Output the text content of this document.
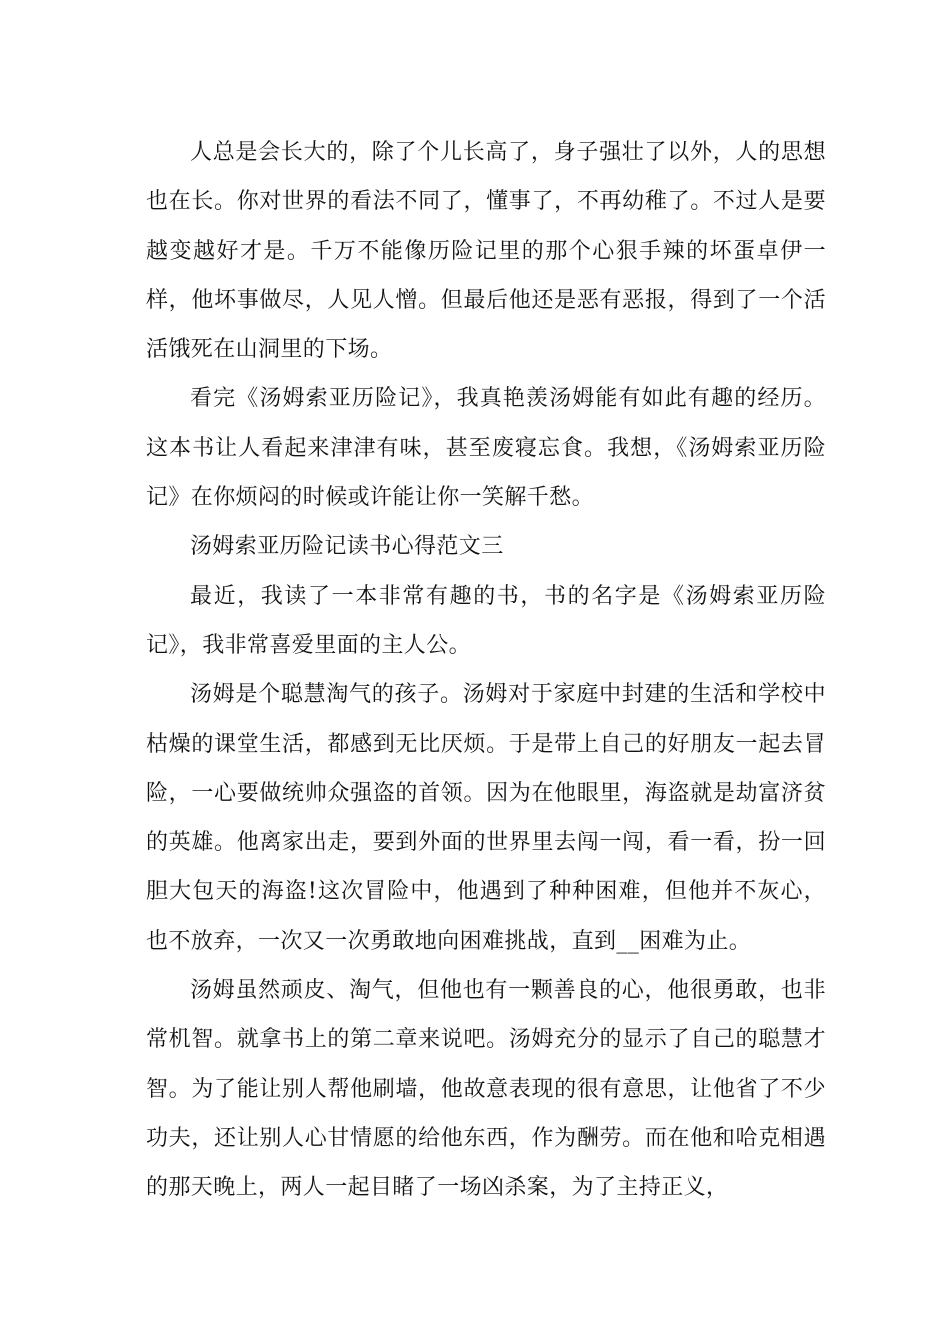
人总是会长大的，除了个儿长高了，身子强壮了以外，人的思想也在长。你对世界的看法不同了，懂事了，不再幼稚了。不过人是要越变越好才是。千万不能像历险记里的那个心狠手辣的坏蛋卓伊一样，他坏事做尽，人见人憎。但最后他还是恶有恶报，得到了一个活活饿死在山洞里的下场。

看完《汤姆索亚历险记》，我真艳羡汤姆能有如此有趣的经历。这本书让人看起来津津有味，甚至废寝忘食。我想，《汤姆索亚历险记》在你烦闷的时候或许能让你一笑解千愁。

汤姆索亚历险记读书心得范文三

最近，我读了一本非常有趣的书，书的名字是《汤姆索亚历险记》，我非常喜爱里面的主人公。

汤姆是个聪慧淘气的孩子。汤姆对于家庭中封建的生活和学校中枯燥的课堂生活，都感到无比厌烦。于是带上自己的好朋友一起去冒险，一心要做统帅众强盗的首领。因为在他眼里，海盗就是劫富济贫的英雄。他离家出走，要到外面的世界里去闯一闯，看一看，扮一回胆大包天的海盗!这次冒险中，他遇到了种种困难，但他并不灰心，也不放弃，一次又一次勇敢地向困难挑战，直到__困难为止。

汤姆虽然顽皮、淘气，但他也有一颗善良的心，他很勇敢，也非常机智。就拿书上的第二章来说吧。汤姆充分的显示了自己的聪慧才智。为了能让别人帮他刷墙，他故意表现的很有意思，让他省了不少功夫，还让别人心甘情愿的给他东西，作为酬劳。而在他和哈克相遇的那天晚上，两人一起目睹了一场凶杀案，为了主持正义，
